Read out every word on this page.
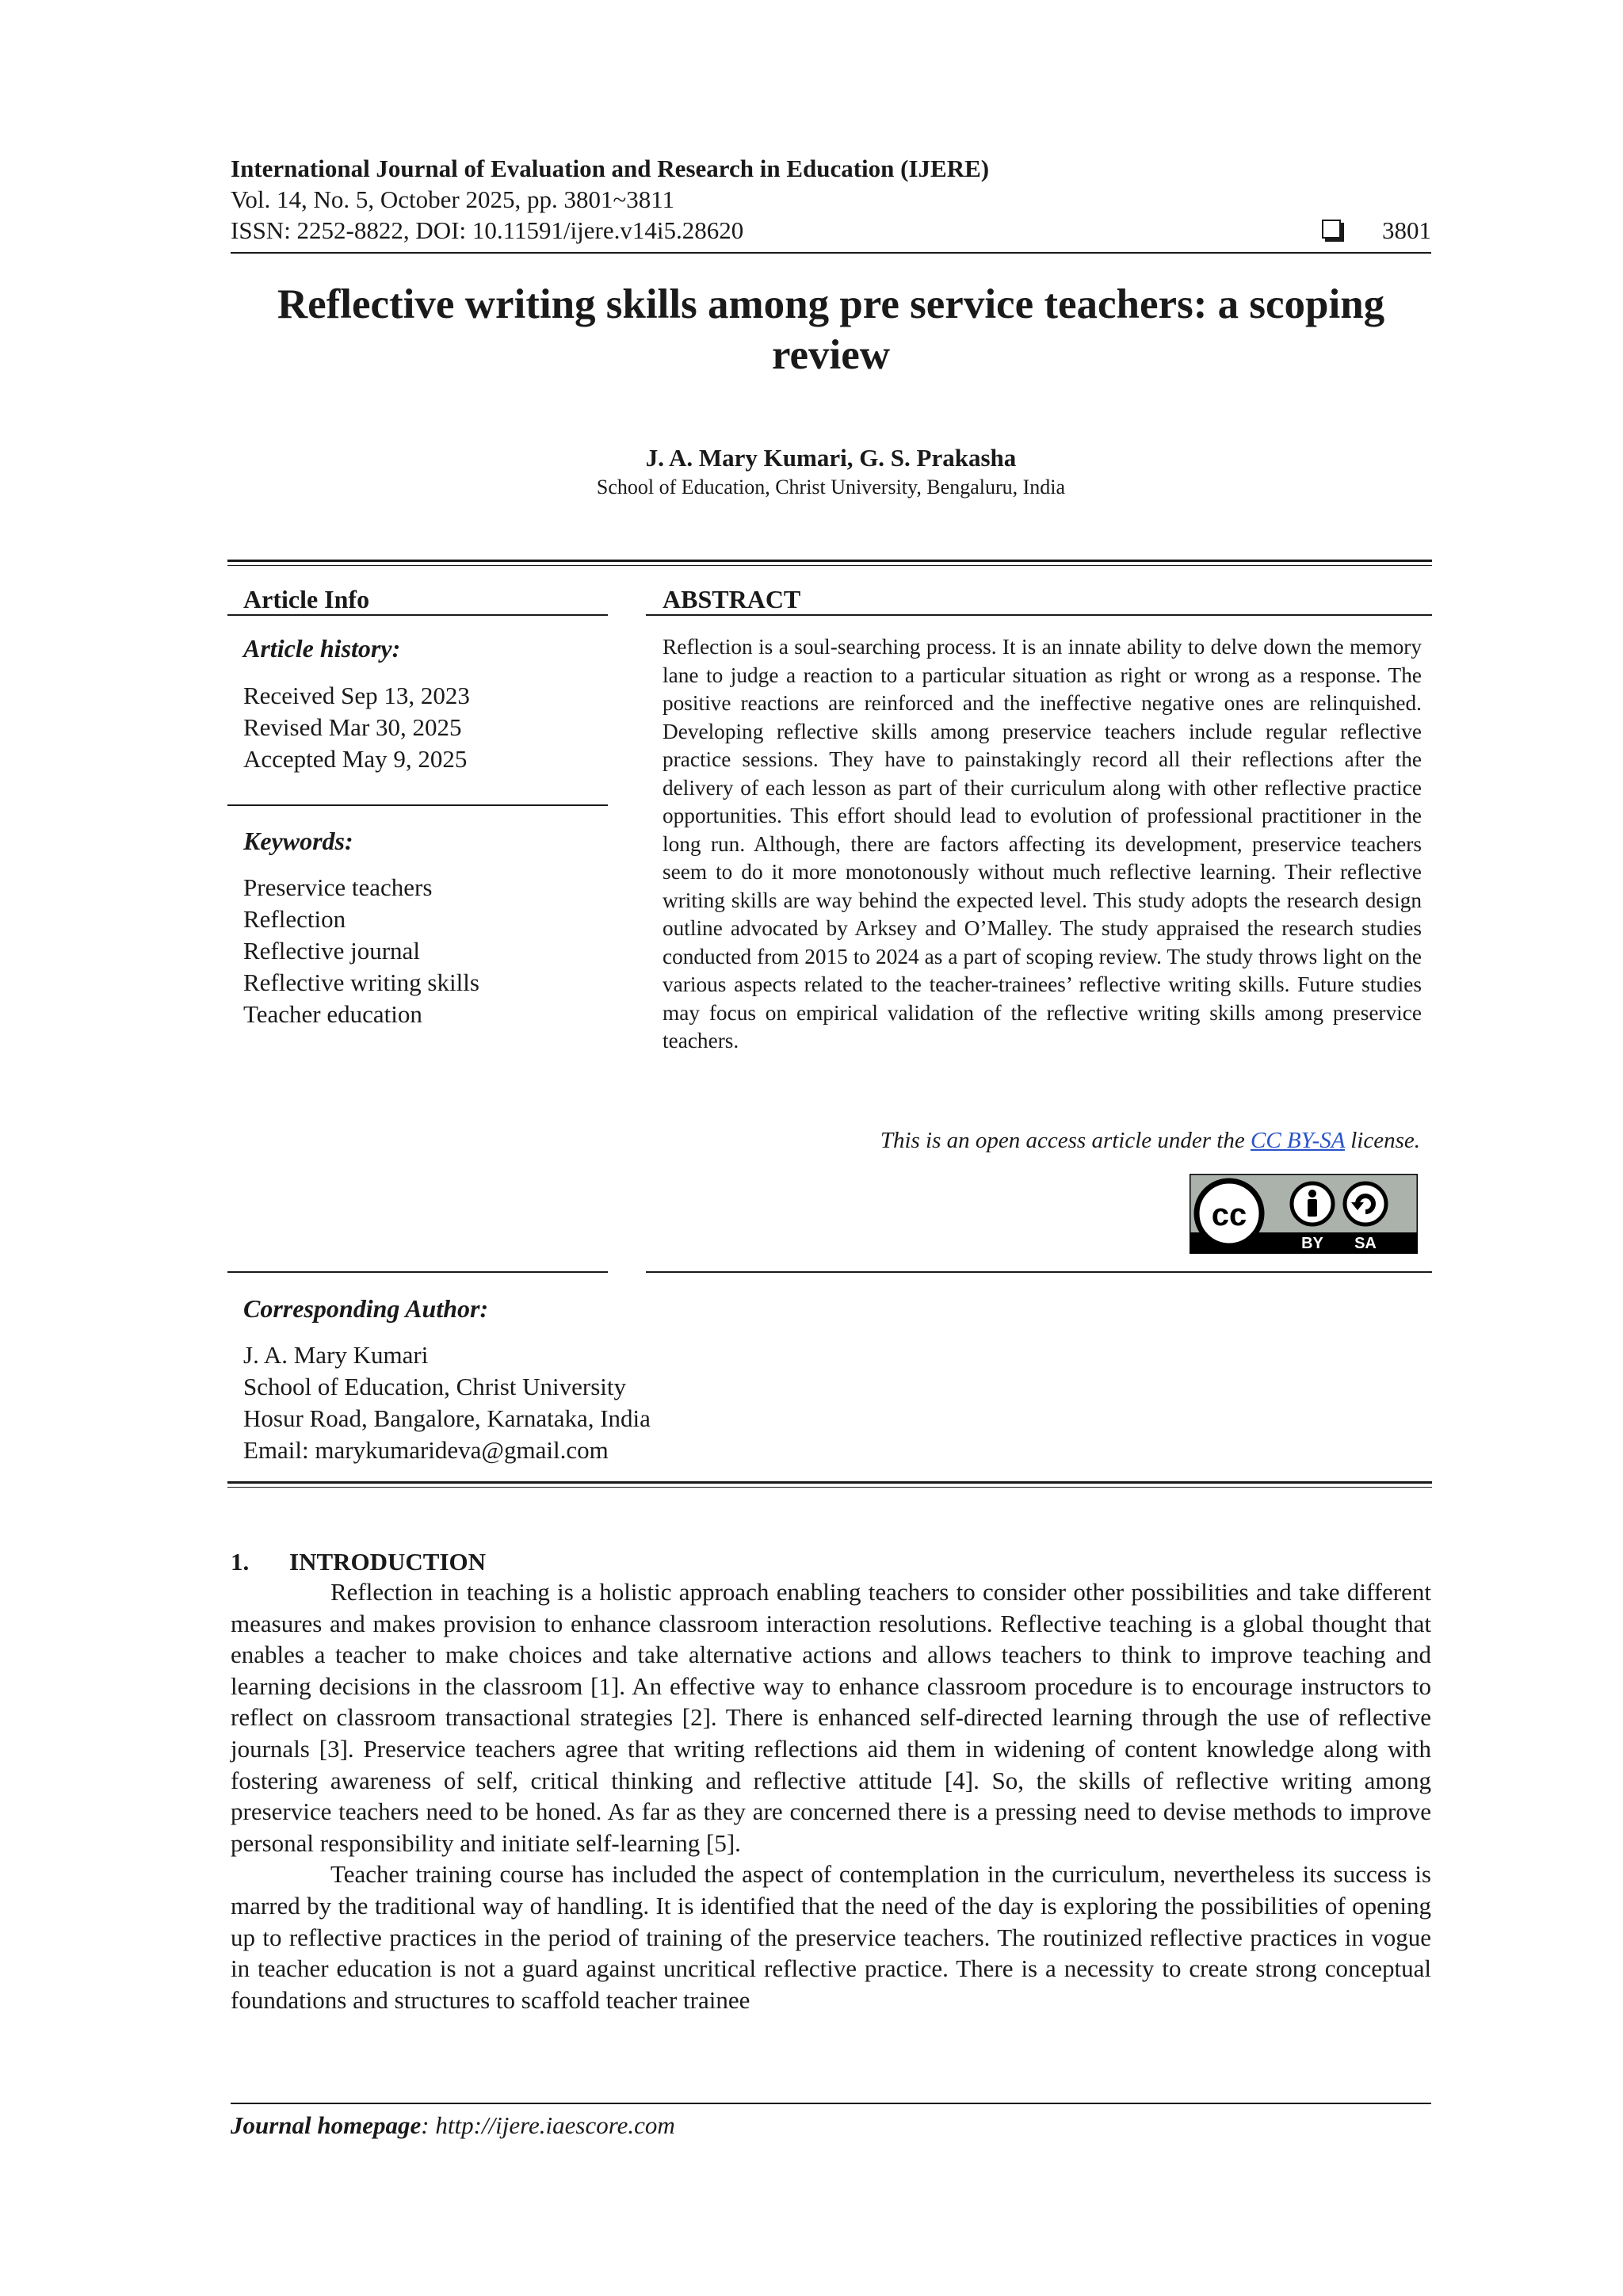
International Journal of Evaluation and Research in Education (IJERE)
Vol. 14, No. 5, October 2025, pp. 3801~3811
ISSN: 2252-8822, DOI: 10.11591/ijere.v14i5.28620	3801
Reflective writing skills among pre service teachers: a scoping
review
J. A. Mary Kumari, G. S. Prakasha
School of Education, Christ University, Bengaluru, India
Article Info
Article history:
Received Sep 13, 2023
Revised Mar 30, 2025
Accepted May 9, 2025
Keywords:
Preservice teachers
Reflection
Reflective journal
Reflective writing skills
Teacher education
ABSTRACT
Reflection is a soul-searching process. It is an innate ability to delve down the memory lane to judge a reaction to a particular situation as right or wrong as a response. The positive reactions are reinforced and the ineffective negative ones are relinquished. Developing reflective skills among preservice teachers include regular reflective practice sessions. They have to painstakingly record all their reflections after the delivery of each lesson as part of their curriculum along with other reflective practice opportunities. This effort should lead to evolution of professional practitioner in the long run. Although, there are factors affecting its development, preservice teachers seem to do it more monotonously without much reflective learning. Their reflective writing skills are way behind the expected level. This study adopts the research design outline advocated by Arksey and O’Malley. The study appraised the research studies conducted from 2015 to 2024 as a part of scoping review. The study throws light on the various aspects related to the teacher-trainees’ reflective writing skills. Future studies may focus on empirical validation of the reflective writing skills among preservice teachers.
This is an open access article under the CC BY-SA license.
cc
BY SA
Corresponding Author:
J. A. Mary Kumari
School of Education, Christ University
Hosur Road, Bangalore, Karnataka, India
Email: marykumarideva@gmail.com
1. INTRODUCTION

Reflection in teaching is a holistic approach enabling teachers to consider other possibilities and take different measures and makes provision to enhance classroom interaction resolutions. Reflective teaching is a global thought that enables a teacher to make choices and take alternative actions and allows teachers to think to improve teaching and learning decisions in the classroom [1]. An effective way to enhance classroom procedure is to encourage instructors to reflect on classroom transactional strategies [2]. There is enhanced self-directed learning through the use of reflective journals [3]. Preservice teachers agree that writing reflections aid them in widening of content knowledge along with fostering awareness of self, critical thinking and reflective attitude [4]. So, the skills of reflective writing among preservice teachers need to be honed. As far as they are concerned there is a pressing need to devise methods to improve personal responsibility and initiate self-learning [5].

Teacher training course has included the aspect of contemplation in the curriculum, nevertheless its success is marred by the traditional way of handling. It is identified that the need of the day is exploring the possibilities of opening up to reflective practices in the period of training of the preservice teachers. The routinized reflective practices in vogue in teacher education is not a guard against uncritical reflective practice. There is a necessity to create strong conceptual foundations and structures to scaffold teacher trainee

Journal homepage: http://ijere.iaescore.com
